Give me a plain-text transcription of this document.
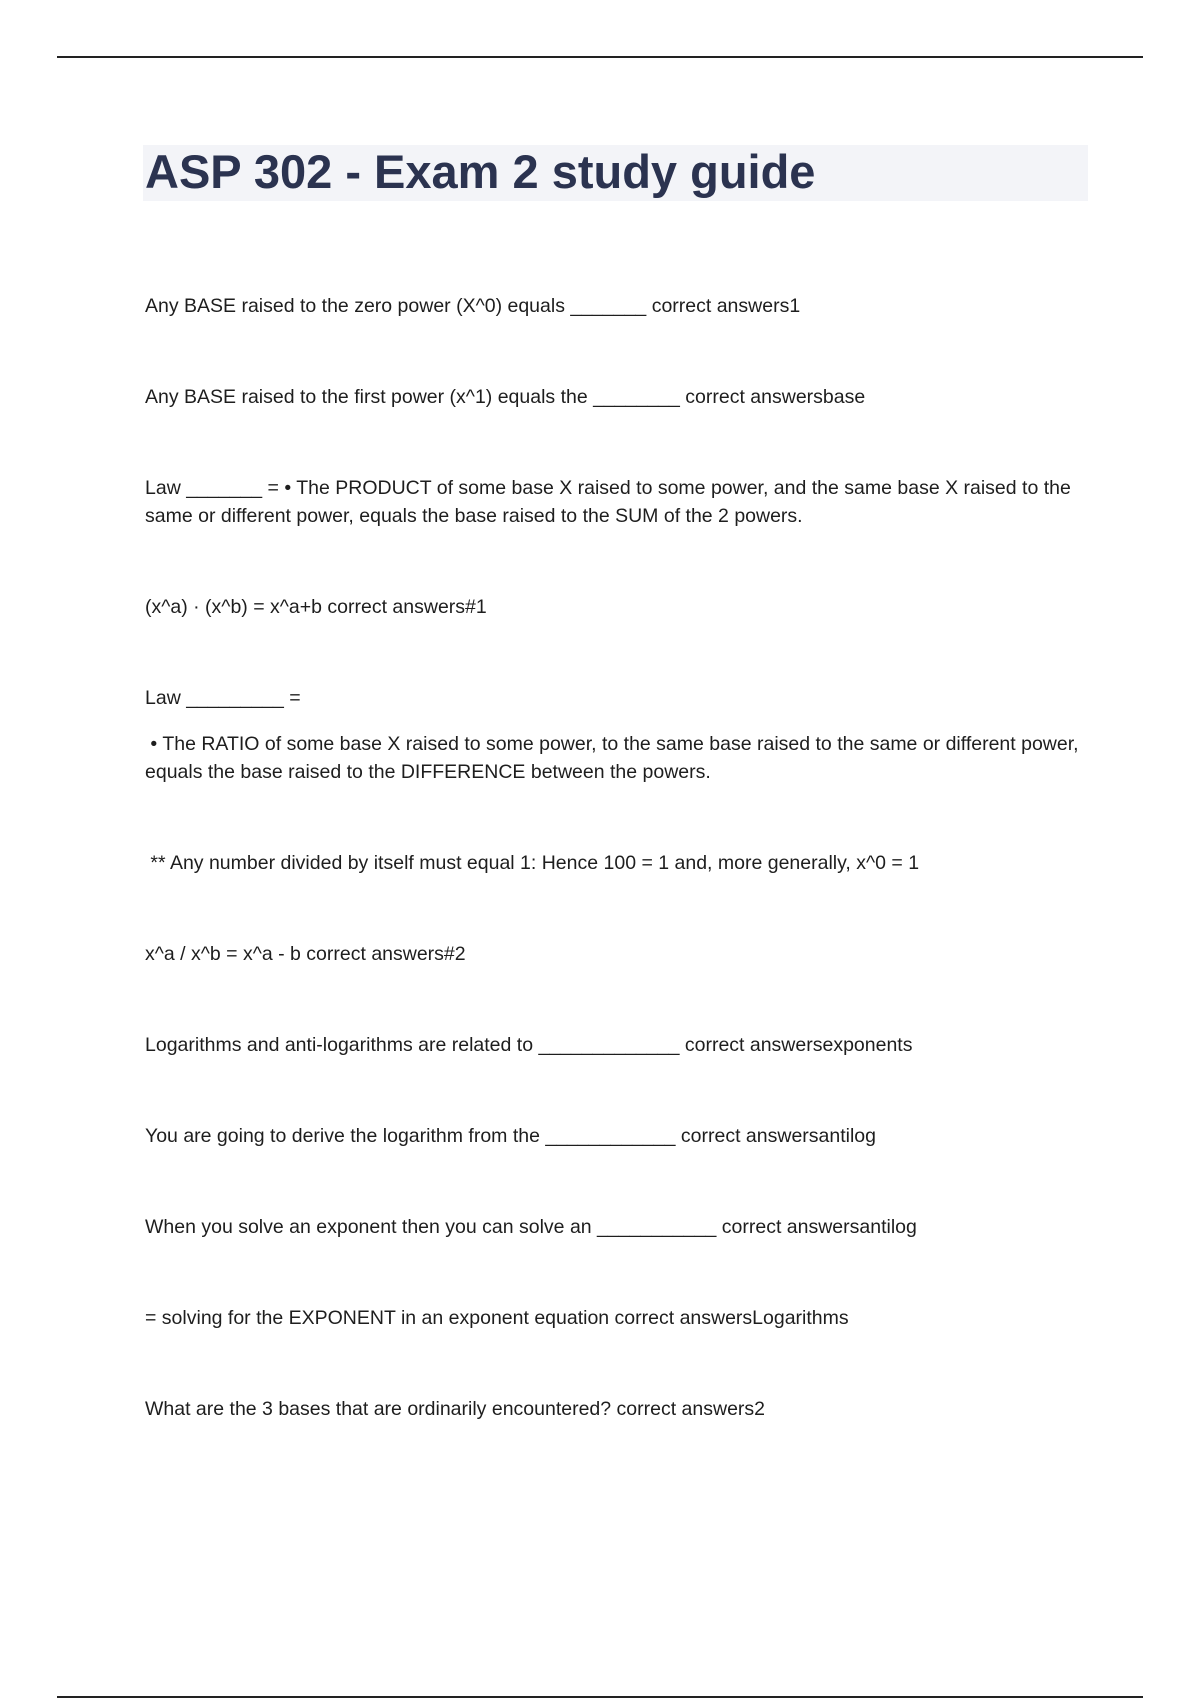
ASP 302 - Exam 2 study guide

Any BASE raised to the zero power (X^0) equals _______ correct answers1

Any BASE raised to the first power (x^1) equals the ________ correct answersbase

Law _______ = • The PRODUCT of some base X raised to some power, and the same base X raised to the same or different power, equals the base raised to the SUM of the 2 powers.

(x^a) · (x^b) = x^a+b correct answers#1

Law _________ =

• The RATIO of some base X raised to some power, to the same base raised to the same or different power, equals the base raised to the DIFFERENCE between the powers.

** Any number divided by itself must equal 1: Hence 100 = 1 and, more generally, x^0 = 1

x^a / x^b = x^a - b correct answers#2

Logarithms and anti-logarithms are related to _____________ correct answersexponents

You are going to derive the logarithm from the ____________ correct answersantilog

When you solve an exponent then you can solve an ___________ correct answersantilog

= solving for the EXPONENT in an exponent equation correct answersLogarithms

What are the 3 bases that are ordinarily encountered? correct answers2
